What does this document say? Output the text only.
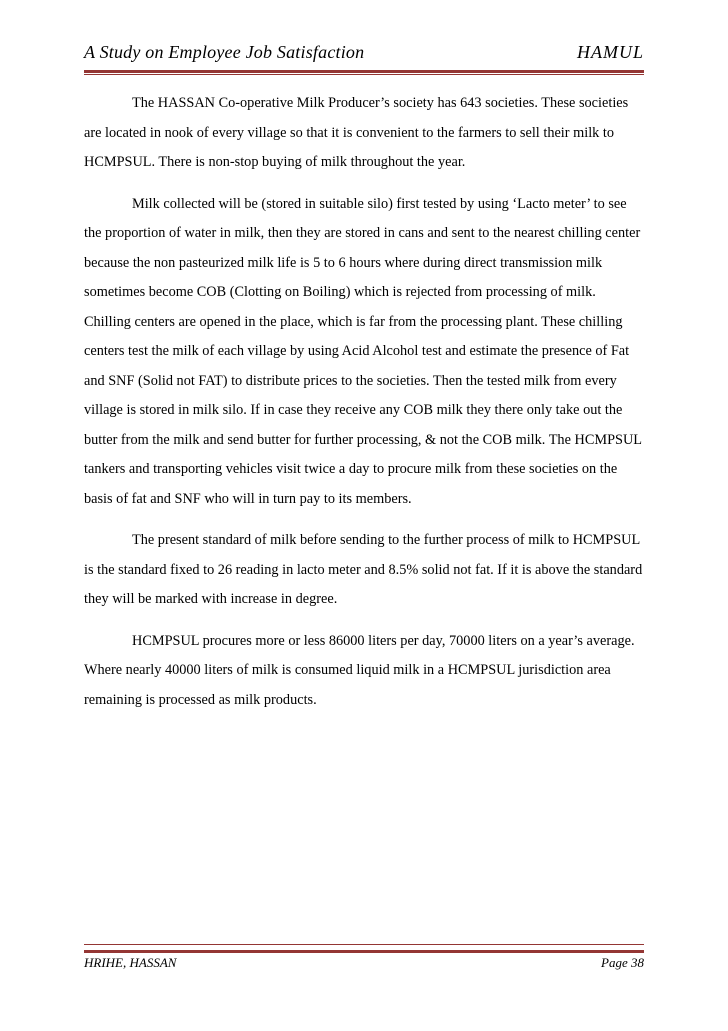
A Study on Employee Job Satisfaction	HAMUL

The HASSAN Co-operative Milk Producer’s society has 643 societies. These societies are located in nook of every village so that it is convenient to the farmers to sell their milk to HCMPSUL. There is non-stop buying of milk throughout the year.

Milk collected will be (stored in suitable silo) first tested by using ‘Lacto meter’ to see the proportion of water in milk, then they are stored in cans and sent to the nearest chilling center because the non pasteurized milk life is 5 to 6 hours where during direct transmission milk sometimes become COB (Clotting on Boiling) which is rejected from processing of milk. Chilling centers are opened in the place, which is far from the processing plant. These chilling centers test the milk of each village by using Acid Alcohol test and estimate the presence of Fat and SNF (Solid not FAT) to distribute prices to the societies. Then the tested milk from every village is stored in milk silo. If in case they receive any COB milk they there only take out the butter from the milk and send butter for further processing, & not the COB milk. The HCMPSUL tankers and transporting vehicles visit twice a day to procure milk from these societies on the basis of fat and SNF who will in turn pay to its members.

The present standard of milk before sending to the further process of milk to HCMPSUL is the standard fixed to 26 reading in lacto meter and 8.5% solid not fat. If it is above the standard they will be marked with increase in degree.

HCMPSUL procures more or less 86000 liters per day, 70000 liters on a year’s average. Where nearly 40000 liters of milk is consumed liquid milk in a HCMPSUL jurisdiction area remaining is processed as milk products.

HRIHE, HASSAN	Page 38
